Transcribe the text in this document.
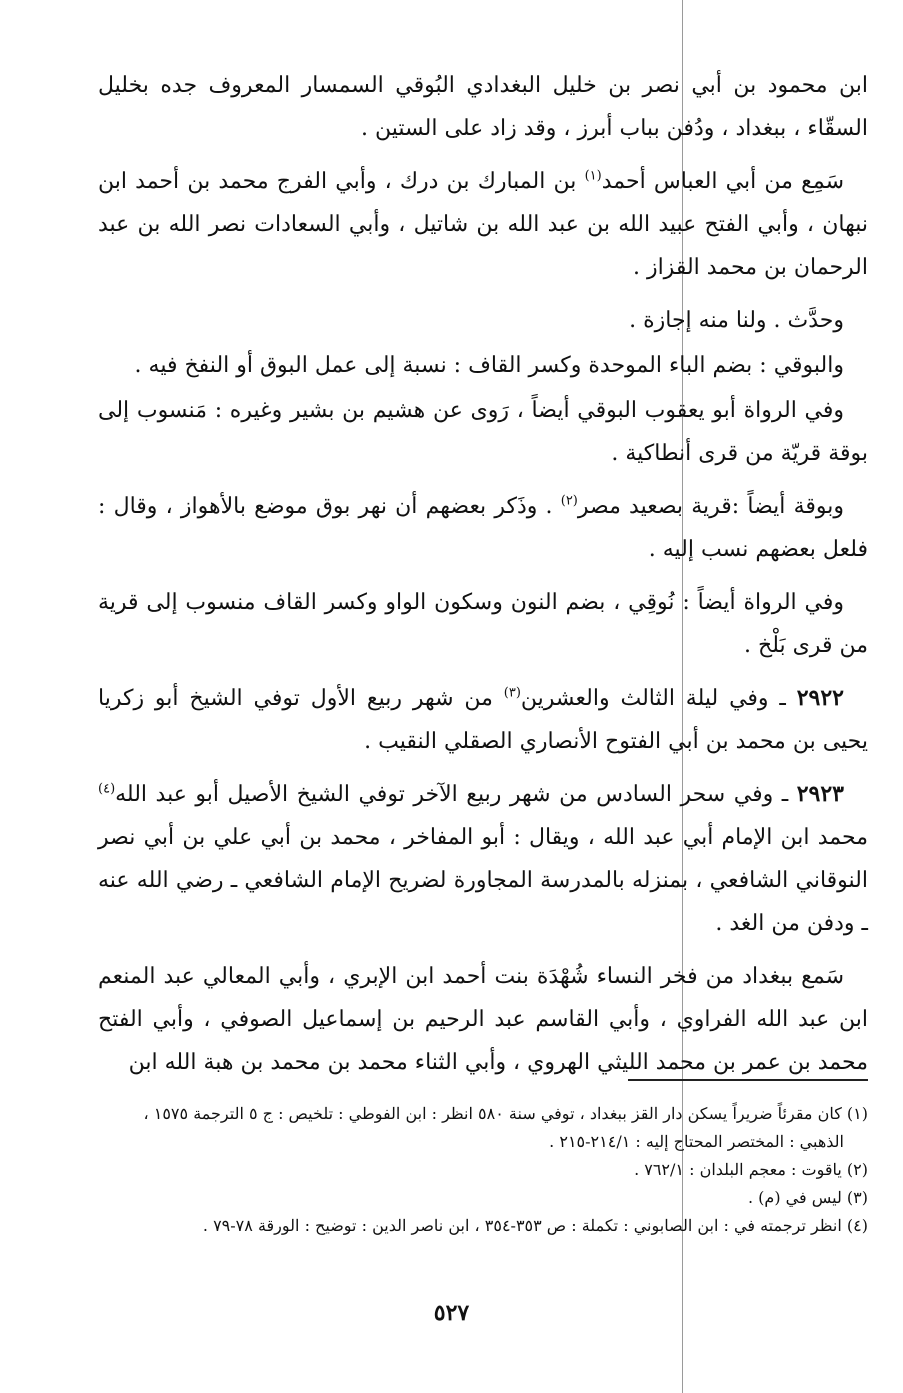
ابن محمود بن أبي نصر بن خليل البغدادي البُوقي السمسار المعروف جده بخليل السقّاء ، ببغداد ، ودُفن بباب أبرز ، وقد زاد على الستين .

سَمِع من أبي العباس أحمد$^{(١)}$ بن المبارك بن درك ، وأبي الفرج محمد بن أحمد ابن نبهان ، وأبي الفتح عبيد الله بن عبد الله بن شاتيل ، وأبي السعادات نصر الله بن عبد الرحمان بن محمد القزاز .

وحدَّث . ولنا منه إجازة .

والبوقي : بضم الباء الموحدة وكسر القاف : نسبة إلى عمل البوق أو النفخ فيه .

وفي الرواة أبو يعقوب البوقي أيضاً ، رَوى عن هشيم بن بشير وغيره : مَنسوب إلى بوقة قريّة من قرى أنطاكية .

وبوقة أيضاً :قرية بصعيد مصر$^{(٢)}$ . وذَكر بعضهم أن نهر بوق موضع بالأهواز ، وقال : فلعل بعضهم نسب إليه .

وفي الرواة أيضاً : نُوقِي ، بضم النون وسكون الواو وكسر القاف منسوب إلى قرية من قرى بَلْخ .

٢٩٢٢ ـ وفي ليلة الثالث والعشرين$^{(٣)}$ من شهر ربيع الأول توفي الشيخ أبو زكريا يحيى بن محمد بن أبي الفتوح الأنصاري الصقلي النقيب .

٢٩٢٣ ـ وفي سحر السادس من شهر ربيع الآخر توفي الشيخ الأصيل أبو عبد الله$^{(٤)}$ محمد ابن الإمام أبي عبد الله ، ويقال : أبو المفاخر ، محمد بن أبي علي بن أبي نصر النوقاني الشافعي ، بمنزله بالمدرسة المجاورة لضريح الإمام الشافعي ـ رضي الله عنه ـ ودفن من الغد .

سَمع ببغداد من فخر النساء شُهْدَة بنت أحمد ابن الإبري ، وأبي المعالي عبد المنعم ابن عبد الله الفراوي ، وأبي القاسم عبد الرحيم بن إسماعيل الصوفي ، وأبي الفتح محمد بن عمر بن محمد الليثي الهروي ، وأبي الثناء محمد بن محمد بن هبة الله ابن

(١) كان مقرئاً ضريراً يسكن دار القز ببغداد ، توفي سنة ٥٨٠ انظر : ابن الفوطي : تلخيص : ج ٥ الترجمة ١٥٧٥ ،

الذهبي : المختصر المحتاج إليه : ٢١٤/١-٢١٥ .

(٢) ياقوت : معجم البلدان : ٧٦٢/١ .

(٣) ليس في (م) .

(٤) انظر ترجمته في : ابن الصابوني : تكملة : ص ٣٥٣-٣٥٤ ، ابن ناصر الدين : توضيح : الورقة ٧٨-٧٩ .

٥٢٧
